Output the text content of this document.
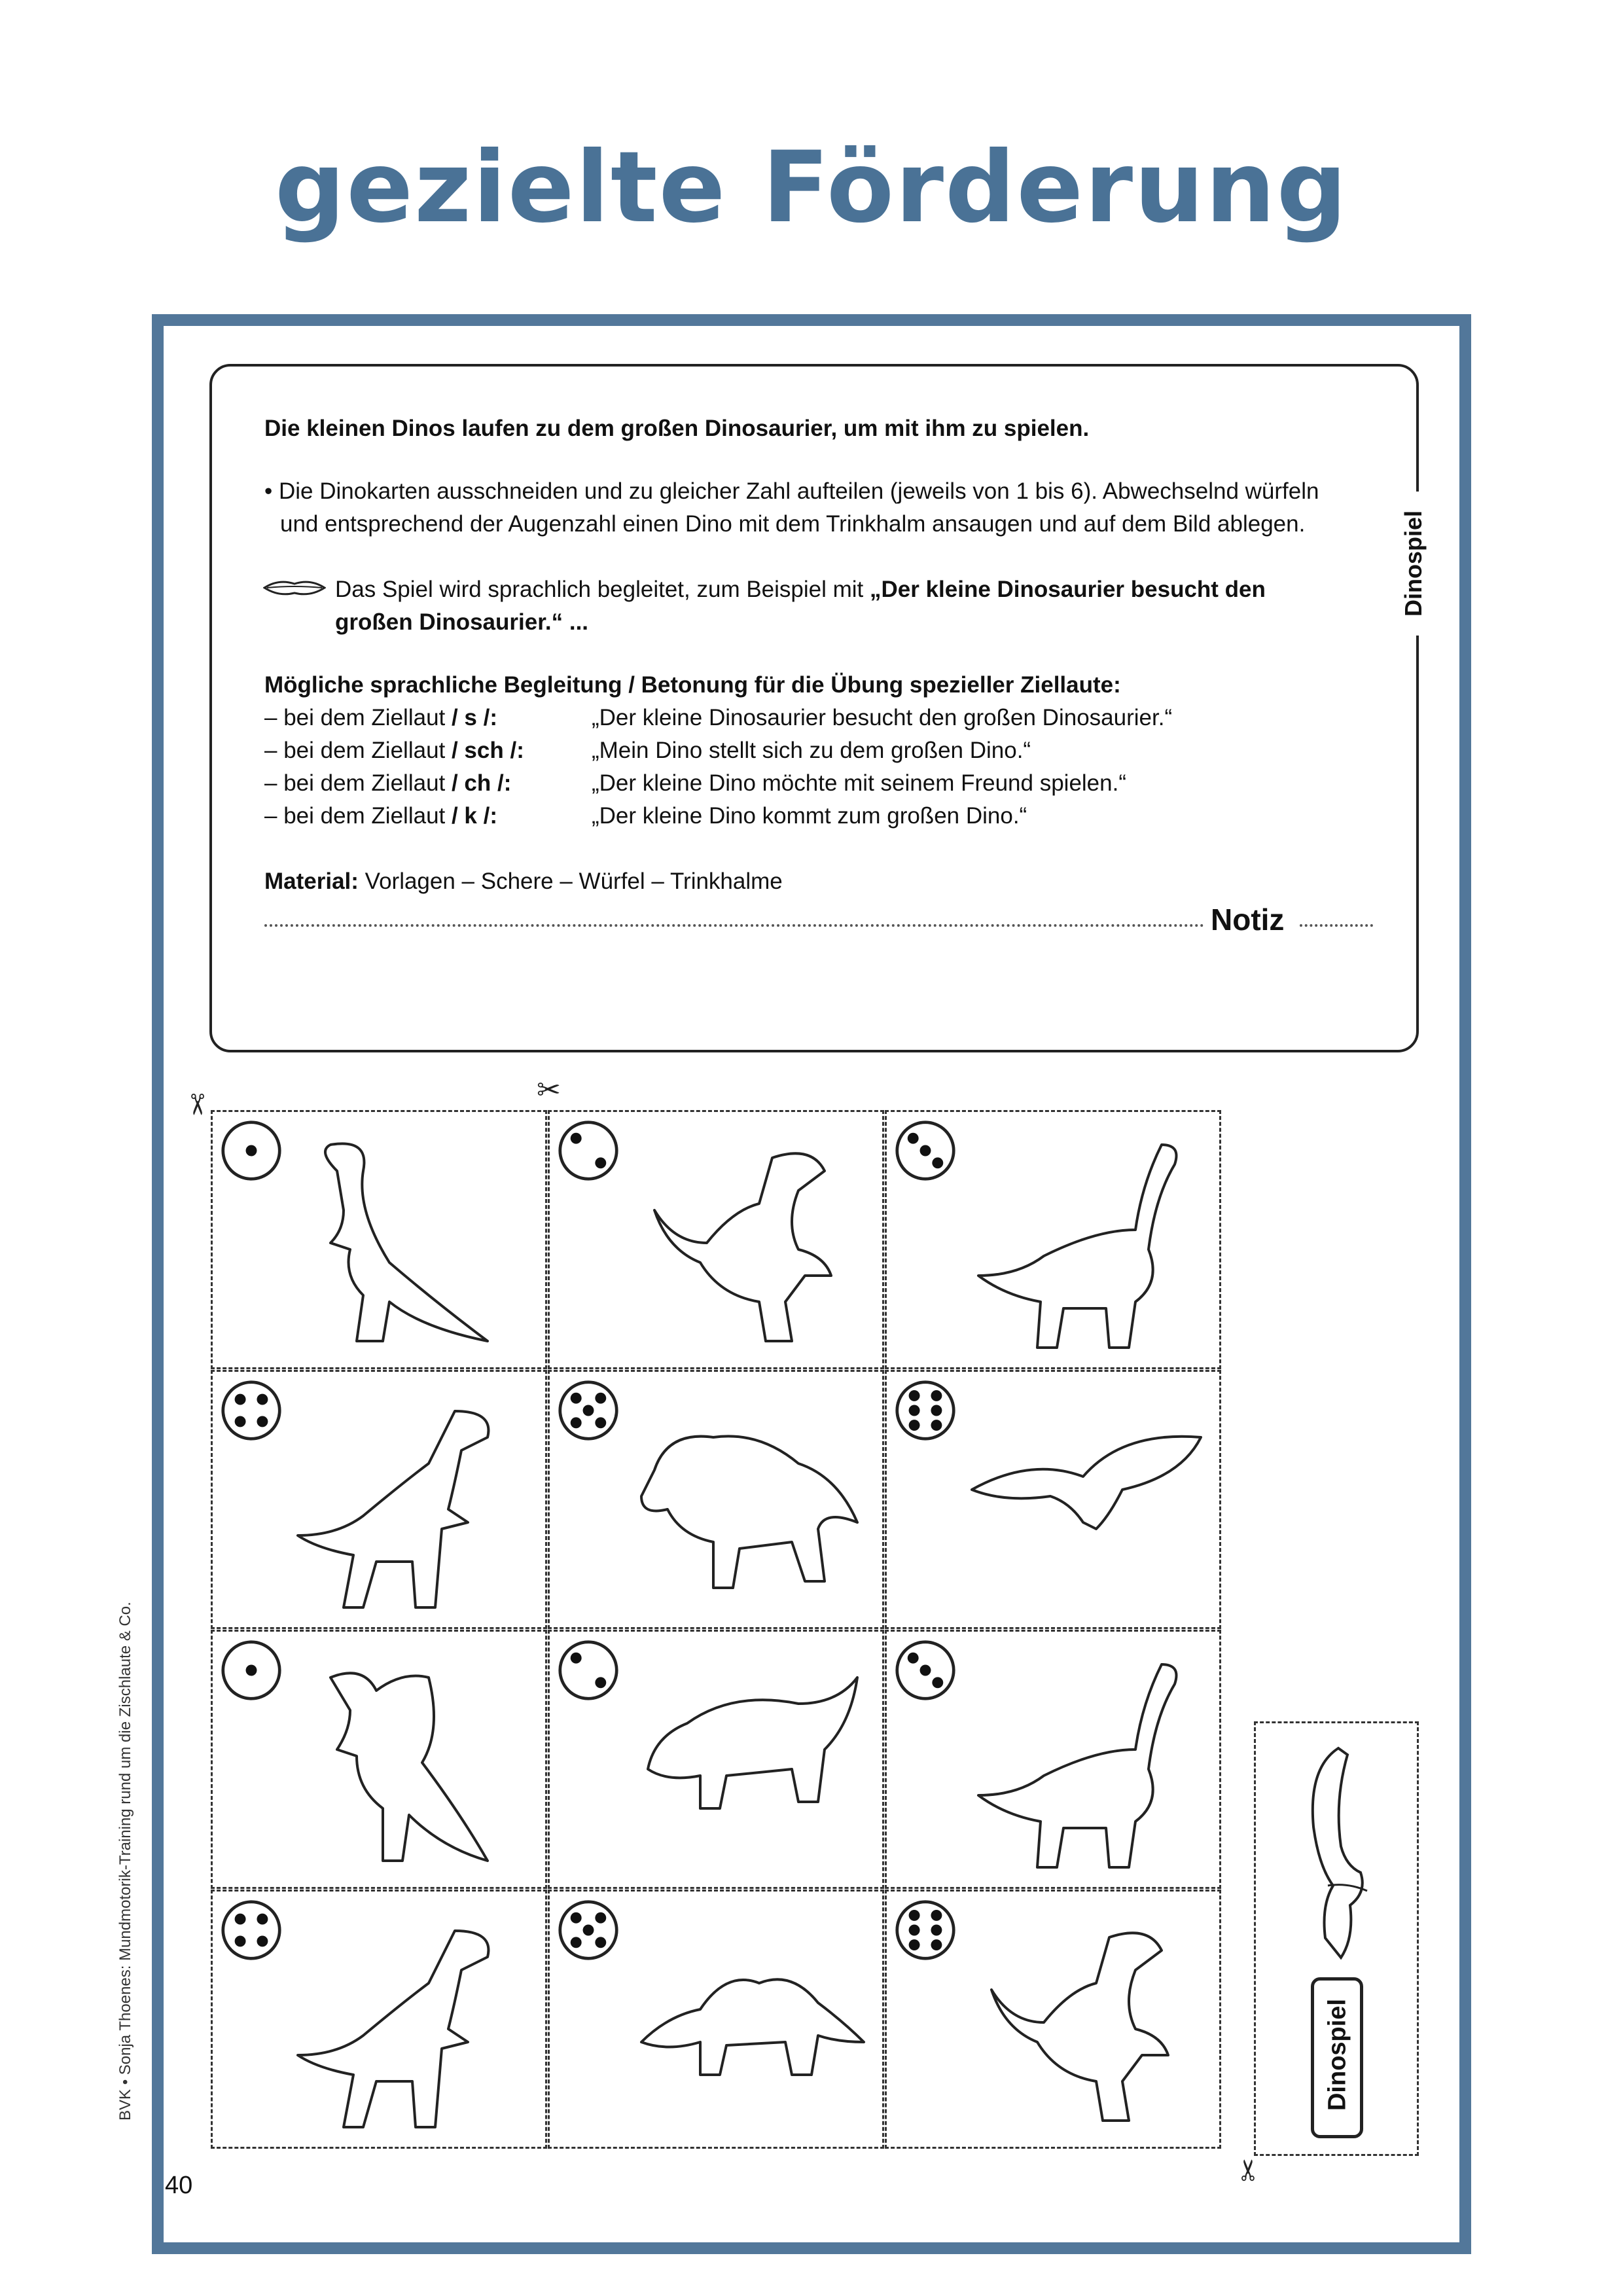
gezielte Förderung
Dinospiel
Die kleinen Dinos laufen zu dem großen Dinosaurier, um mit ihm zu spielen.
• Die Dinokarten ausschneiden und zu gleicher Zahl aufteilen (jeweils von 1 bis 6). Abwechselnd würfeln
und entsprechend der Augenzahl einen Dino mit dem Trinkhalm ansaugen und auf dem Bild ablegen.
Das Spiel wird sprachlich begleitet, zum Beispiel mit „Der kleine Dinosaurier besucht den
großen Dinosaurier.“ ...
Mögliche sprachliche Begleitung / Betonung für die Übung spezieller Ziellaute:
– bei dem Ziellaut / s /:	„Der kleine Dinosaurier besucht den großen Dinosaurier.“
– bei dem Ziellaut / sch /:	„Mein Dino stellt sich zu dem großen Dino.“
– bei dem Ziellaut / ch /:	„Der kleine Dino möchte mit seinem Freund spielen.“
– bei dem Ziellaut / k /:	„Der kleine Dino kommt zum großen Dino.“
Material: Vorlagen – Schere – Würfel – Trinkhalme
Notiz
✂	✂
✂
Dinospiel
BVK • Sonja Thoenes: Mundmotorik-Training rund um die Zischlaute & Co.
40
